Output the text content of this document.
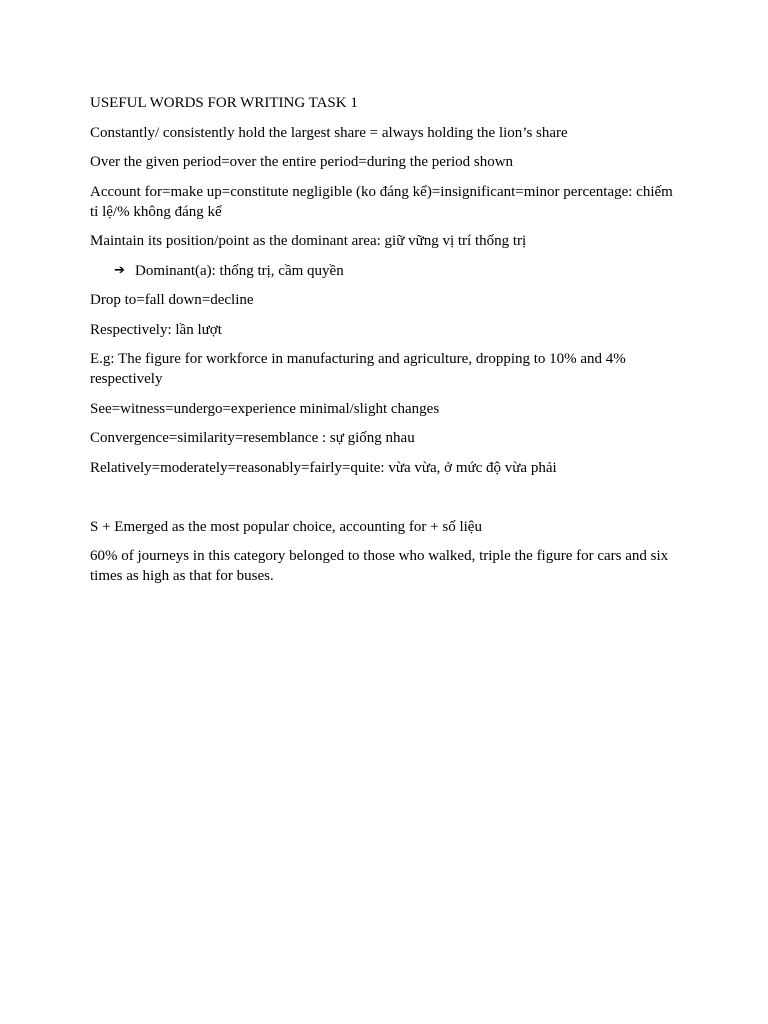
USEFUL WORDS FOR WRITING TASK 1

Constantly/ consistently hold the largest share = always holding the lion’s share

Over the given period=over the entire period=during the period shown

Account for=make up=constitute negligible (ko đáng kể)=insignificant=minor percentage: chiếm tỉ lệ/% không đáng kể

Maintain its position/point as the dominant area: giữ vững vị trí thống trị

➔ Dominant(a): thống trị, cầm quyền

Drop to=fall down=decline

Respectively: lần lượt

E.g: The figure for workforce in manufacturing and agriculture, dropping to 10% and 4% respectively

See=witness=undergo=experience minimal/slight changes

Convergence=similarity=resemblance : sự giống nhau

Relatively=moderately=reasonably=fairly=quite: vừa vừa, ở mức độ vừa phải

S + Emerged as the most popular choice, accounting for + số liệu

60% of journeys in this category belonged to those who walked, triple the figure for cars and six times as high as that for buses.
